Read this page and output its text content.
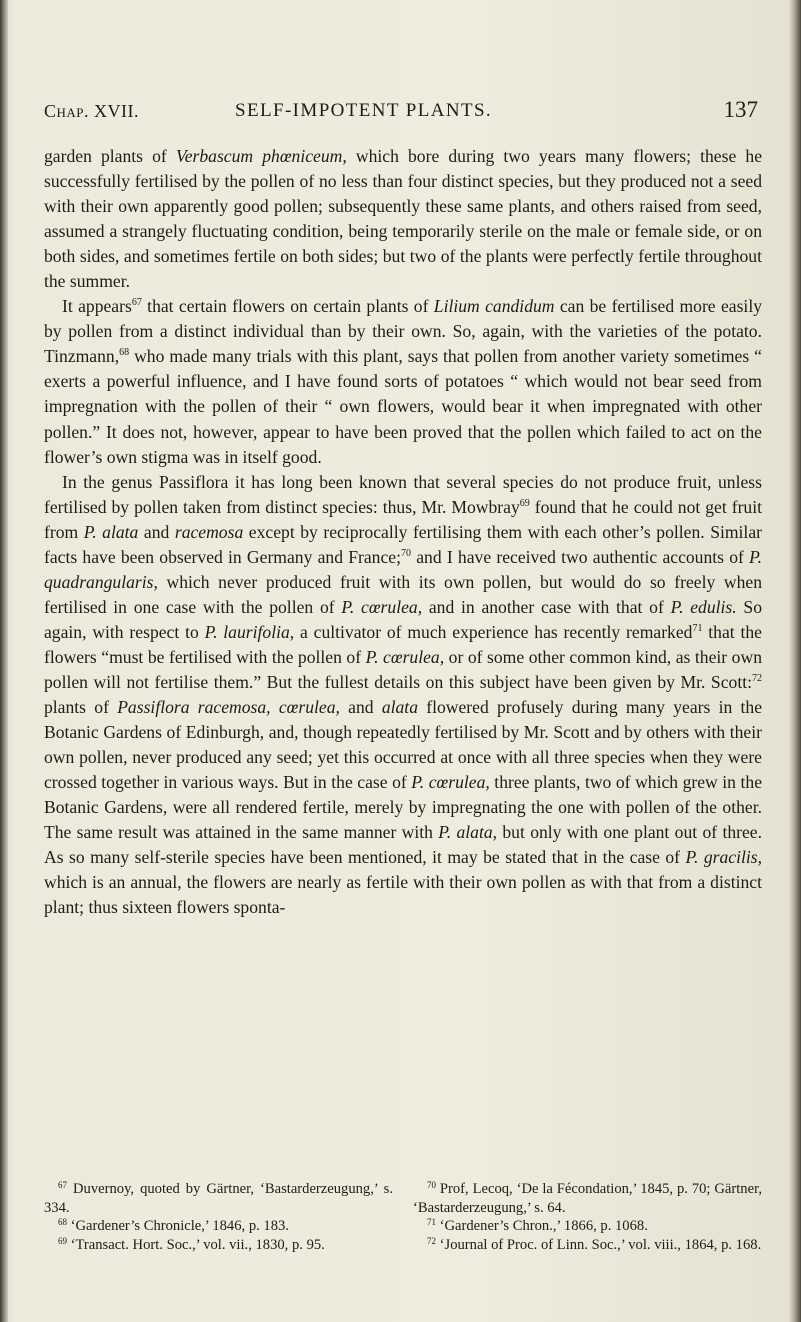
Chap. XVII.	SELF-IMPOTENT PLANTS.	137

garden plants of Verbascum phœniceum, which bore during two years many flowers; these he successfully fertilised by the pollen of no less than four distinct species, but they produced not a seed with their own apparently good pollen; subsequently these same plants, and others raised from seed, assumed a strangely fluctuating condition, being temporarily sterile on the male or female side, or on both sides, and sometimes fertile on both sides; but two of the plants were perfectly fertile throughout the summer.

It appears$^{67}$ that certain flowers on certain plants of Lilium candidum can be fertilised more easily by pollen from a distinct individual than by their own. So, again, with the varieties of the potato. Tinzmann,$^{68}$ who made many trials with this plant, says that pollen from another variety sometimes “ exerts a powerful influence, and I have found sorts of potatoes “ which would not bear seed from impregnation with the pollen of their “ own flowers, would bear it when impregnated with other pollen.” It does not, however, appear to have been proved that the pollen which failed to act on the flower’s own stigma was in itself good.

In the genus Passiflora it has long been known that several species do not produce fruit, unless fertilised by pollen taken from distinct species: thus, Mr. Mowbray$^{69}$ found that he could not get fruit from P. alata and racemosa except by reciprocally fertilising them with each other’s pollen. Similar facts have been observed in Germany and France;$^{70}$ and I have received two authentic accounts of P. quadrangularis, which never produced fruit with its own pollen, but would do so freely when fertilised in one case with the pollen of P. cœrulea, and in another case with that of P. edulis. So again, with respect to P. laurifolia, a cultivator of much experience has recently remarked$^{71}$ that the flowers “must be fertilised with the pollen of P. cœrulea, or of some other common kind, as their own pollen will not fertilise them.” But the fullest details on this subject have been given by Mr. Scott:$^{72}$ plants of Passiflora racemosa, cœrulea, and alata flowered profusely during many years in the Botanic Gardens of Edinburgh, and, though repeatedly fertilised by Mr. Scott and by others with their own pollen, never produced any seed; yet this occurred at once with all three species when they were crossed together in various ways. But in the case of P. cœrulea, three plants, two of which grew in the Botanic Gardens, were all rendered fertile, merely by impregnating the one with pollen of the other. The same result was attained in the same manner with P. alata, but only with one plant out of three. As so many self-sterile species have been mentioned, it may be stated that in the case of P. gracilis, which is an annual, the flowers are nearly as fertile with their own pollen as with that from a distinct plant; thus sixteen flowers sponta-

$^{67}$ Duvernoy, quoted by Gärtner, ‘Bastarderzeugung,’ s. 334.

$^{68}$ ‘Gardener’s Chronicle,’ 1846, p. 183.

$^{69}$ ‘Transact. Hort. Soc.,’ vol. vii., 1830, p. 95.

$^{70}$ Prof, Lecoq, ‘De la Fécondation,’ 1845, p. 70; Gärtner, ‘Bastarderzeugung,’ s. 64.

$^{71}$ ‘Gardener’s Chron.,’ 1866, p. 1068.

$^{72}$ ‘Journal of Proc. of Linn. Soc.,’ vol. viii., 1864, p. 168.
